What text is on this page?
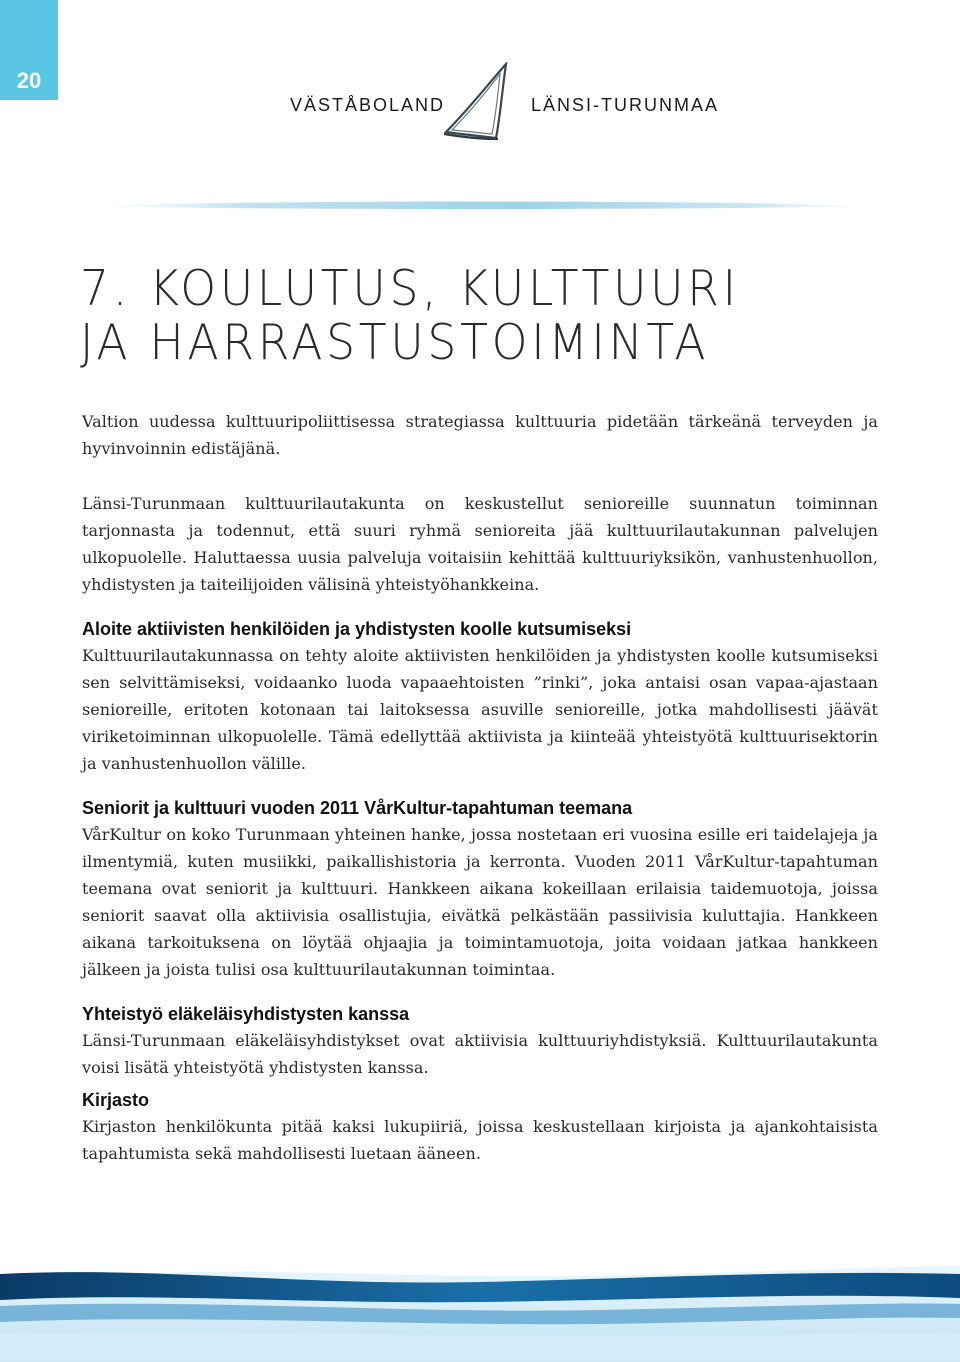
20
VÄSTÅBOLAND	LÄNSI-TURUNMAA
7. KOULUTUS, KULTTUURI
JA HARRASTUSTOIMINTA

Valtion uudessa kulttuuripoliittisessa strategiassa kulttuuria pidetään tärkeänä terveyden ja hyvinvoinnin edistäjänä.

Länsi-Turunmaan kulttuurilautakunta on keskustellut senioreille suunnatun toiminnan tarjonnasta ja todennut, että suuri ryhmä senioreita jää kulttuurilautakunnan palvelujen ulkopuolelle. Haluttaessa uusia palveluja voitaisiin kehittää kulttuuriyksikön, vanhustenhuollon, yhdistysten ja taiteilijoiden välisinä yhteistyöhankkeina.

Aloite aktiivisten henkilöiden ja yhdistysten koolle kutsumiseksi

Kulttuurilautakunnassa on tehty aloite aktiivisten henkilöiden ja yhdistysten koolle kutsumiseksi sen selvittämiseksi, voidaanko luoda vapaaehtoisten ”rinki”, joka antaisi osan vapaa-ajastaan senioreille, eritoten kotonaan tai laitoksessa asuville senioreille, jotka mahdollisesti jäävät viriketoiminnan ulkopuolelle. Tämä edellyttää aktiivista ja kiinteää yhteistyötä kulttuurisektorin ja vanhustenhuollon välille.

Seniorit ja kulttuuri vuoden 2011 VårKultur-tapahtuman teemana

VårKultur on koko Turunmaan yhteinen hanke, jossa nostetaan eri vuosina esille eri taidelajeja ja ilmentymiä, kuten musiikki, paikallishistoria ja kerronta. Vuoden 2011 VårKultur-tapahtuman teemana ovat seniorit ja kulttuuri. Hankkeen aikana kokeillaan erilaisia taidemuotoja, joissa seniorit saavat olla aktiivisia osallistujia, eivätkä pelkästään passiivisia kuluttajia. Hankkeen aikana tarkoituksena on löytää ohjaajia ja toimintamuotoja, joita voidaan jatkaa hankkeen jälkeen ja joista tulisi osa kulttuurilautakunnan toimintaa.

Yhteistyö eläkeläisyhdistysten kanssa

Länsi-Turunmaan eläkeläisyhdistykset ovat aktiivisia kulttuuriyhdistyksiä. Kulttuurilautakunta voisi lisätä yhteistyötä yhdistysten kanssa.

Kirjasto

Kirjaston henkilökunta pitää kaksi lukupiiriä, joissa keskustellaan kirjoista ja ajankohtaisista tapahtumista sekä mahdollisesti luetaan ääneen.
